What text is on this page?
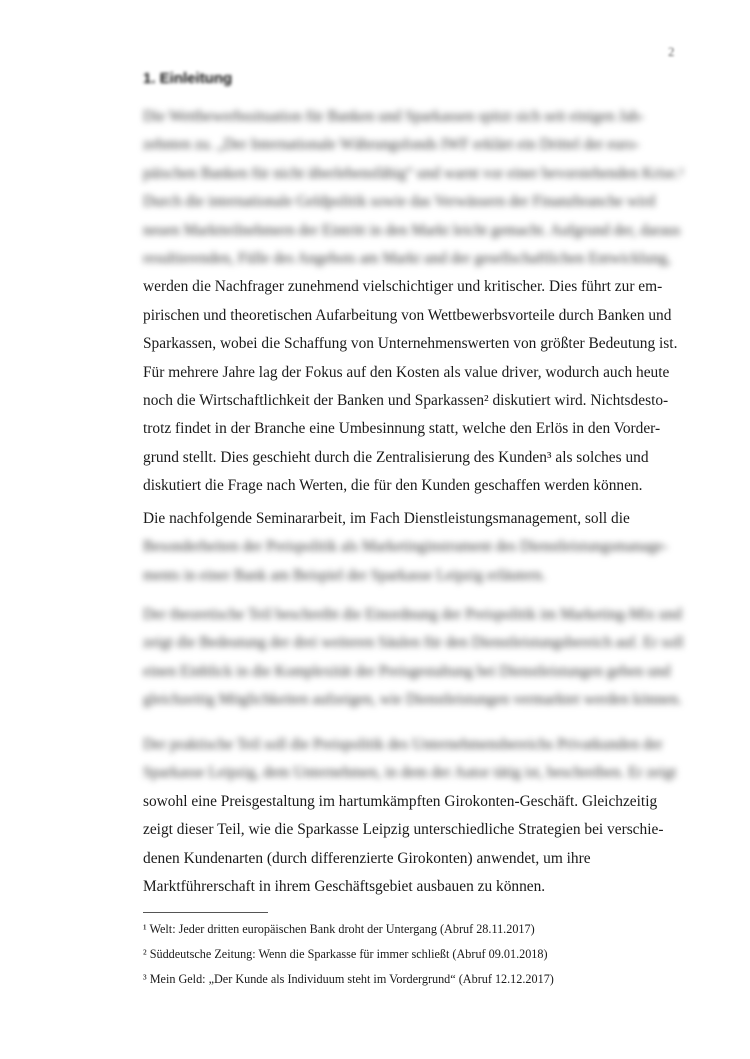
2
1. Einleitung
Die Wettbewerbssituation für Banken und Sparkassen spitzt sich seit einigen Jah-
zehnten zu. „Der Internationale Währungsfonds IWF erklärt ein Drittel der euro-
päischen Banken für nicht überlebensfähig“ und warnt vor einer bevorstehenden Krise.¹
Durch die internationale Geldpolitik sowie das Verwässern der Finanzbranche wird
neuen Marktteilnehmern der Eintritt in den Markt leicht gemacht. Aufgrund der, daraus
resultierenden, Fülle des Angebots am Markt und der gesellschaftlichen Entwicklung,
werden die Nachfrager zunehmend vielschichtiger und kritischer. Dies führt zur em-
pirischen und theoretischen Aufarbeitung von Wettbewerbsvorteile durch Banken und
Sparkassen, wobei die Schaffung von Unternehmenswerten von größter Bedeutung ist.
Für mehrere Jahre lag der Fokus auf den Kosten als value driver, wodurch auch heute
noch die Wirtschaftlichkeit der Banken und Sparkassen² diskutiert wird. Nichtsdesto-
trotz findet in der Branche eine Umbesinnung statt, welche den Erlös in den Vorder-
grund stellt. Dies geschieht durch die Zentralisierung des Kunden³ als solches und
diskutiert die Frage nach Werten, die für den Kunden geschaffen werden können.
Die nachfolgende Seminararbeit, im Fach Dienstleistungsmanagement, soll die
Besonderheiten der Preispolitik als Marketinginstrument des Dienstleistungsmanage-
ments in einer Bank am Beispiel der Sparkasse Leipzig erläutern.
Der theoretische Teil beschreibt die Einordnung der Preispolitik im Marketing-Mix und
zeigt die Bedeutung der drei weiteren Säulen für den Dienstleistungsbereich auf. Er soll
einen Einblick in die Komplexität der Preisgestaltung bei Dienstleistungen geben und
gleichzeitig Möglichkeiten aufzeigen, wie Dienstleistungen vermarktet werden können.
Der praktische Teil soll die Preispolitik des Unternehmensbereichs Privatkunden der
Sparkasse Leipzig, dem Unternehmen, in dem der Autor tätig ist, beschreiben. Er zeigt
sowohl eine Preisgestaltung im hartumkämpften Girokonten-Geschäft. Gleichzeitig
zeigt dieser Teil, wie die Sparkasse Leipzig unterschiedliche Strategien bei verschie-
denen Kundenarten (durch differenzierte Girokonten) anwendet, um ihre
Marktführerschaft in ihrem Geschäftsgebiet ausbauen zu können.
¹ Welt: Jeder dritten europäischen Bank droht der Untergang (Abruf 28.11.2017)
² Süddeutsche Zeitung: Wenn die Sparkasse für immer schließt (Abruf 09.01.2018)
³ Mein Geld: „Der Kunde als Individuum steht im Vordergrund“ (Abruf 12.12.2017)
